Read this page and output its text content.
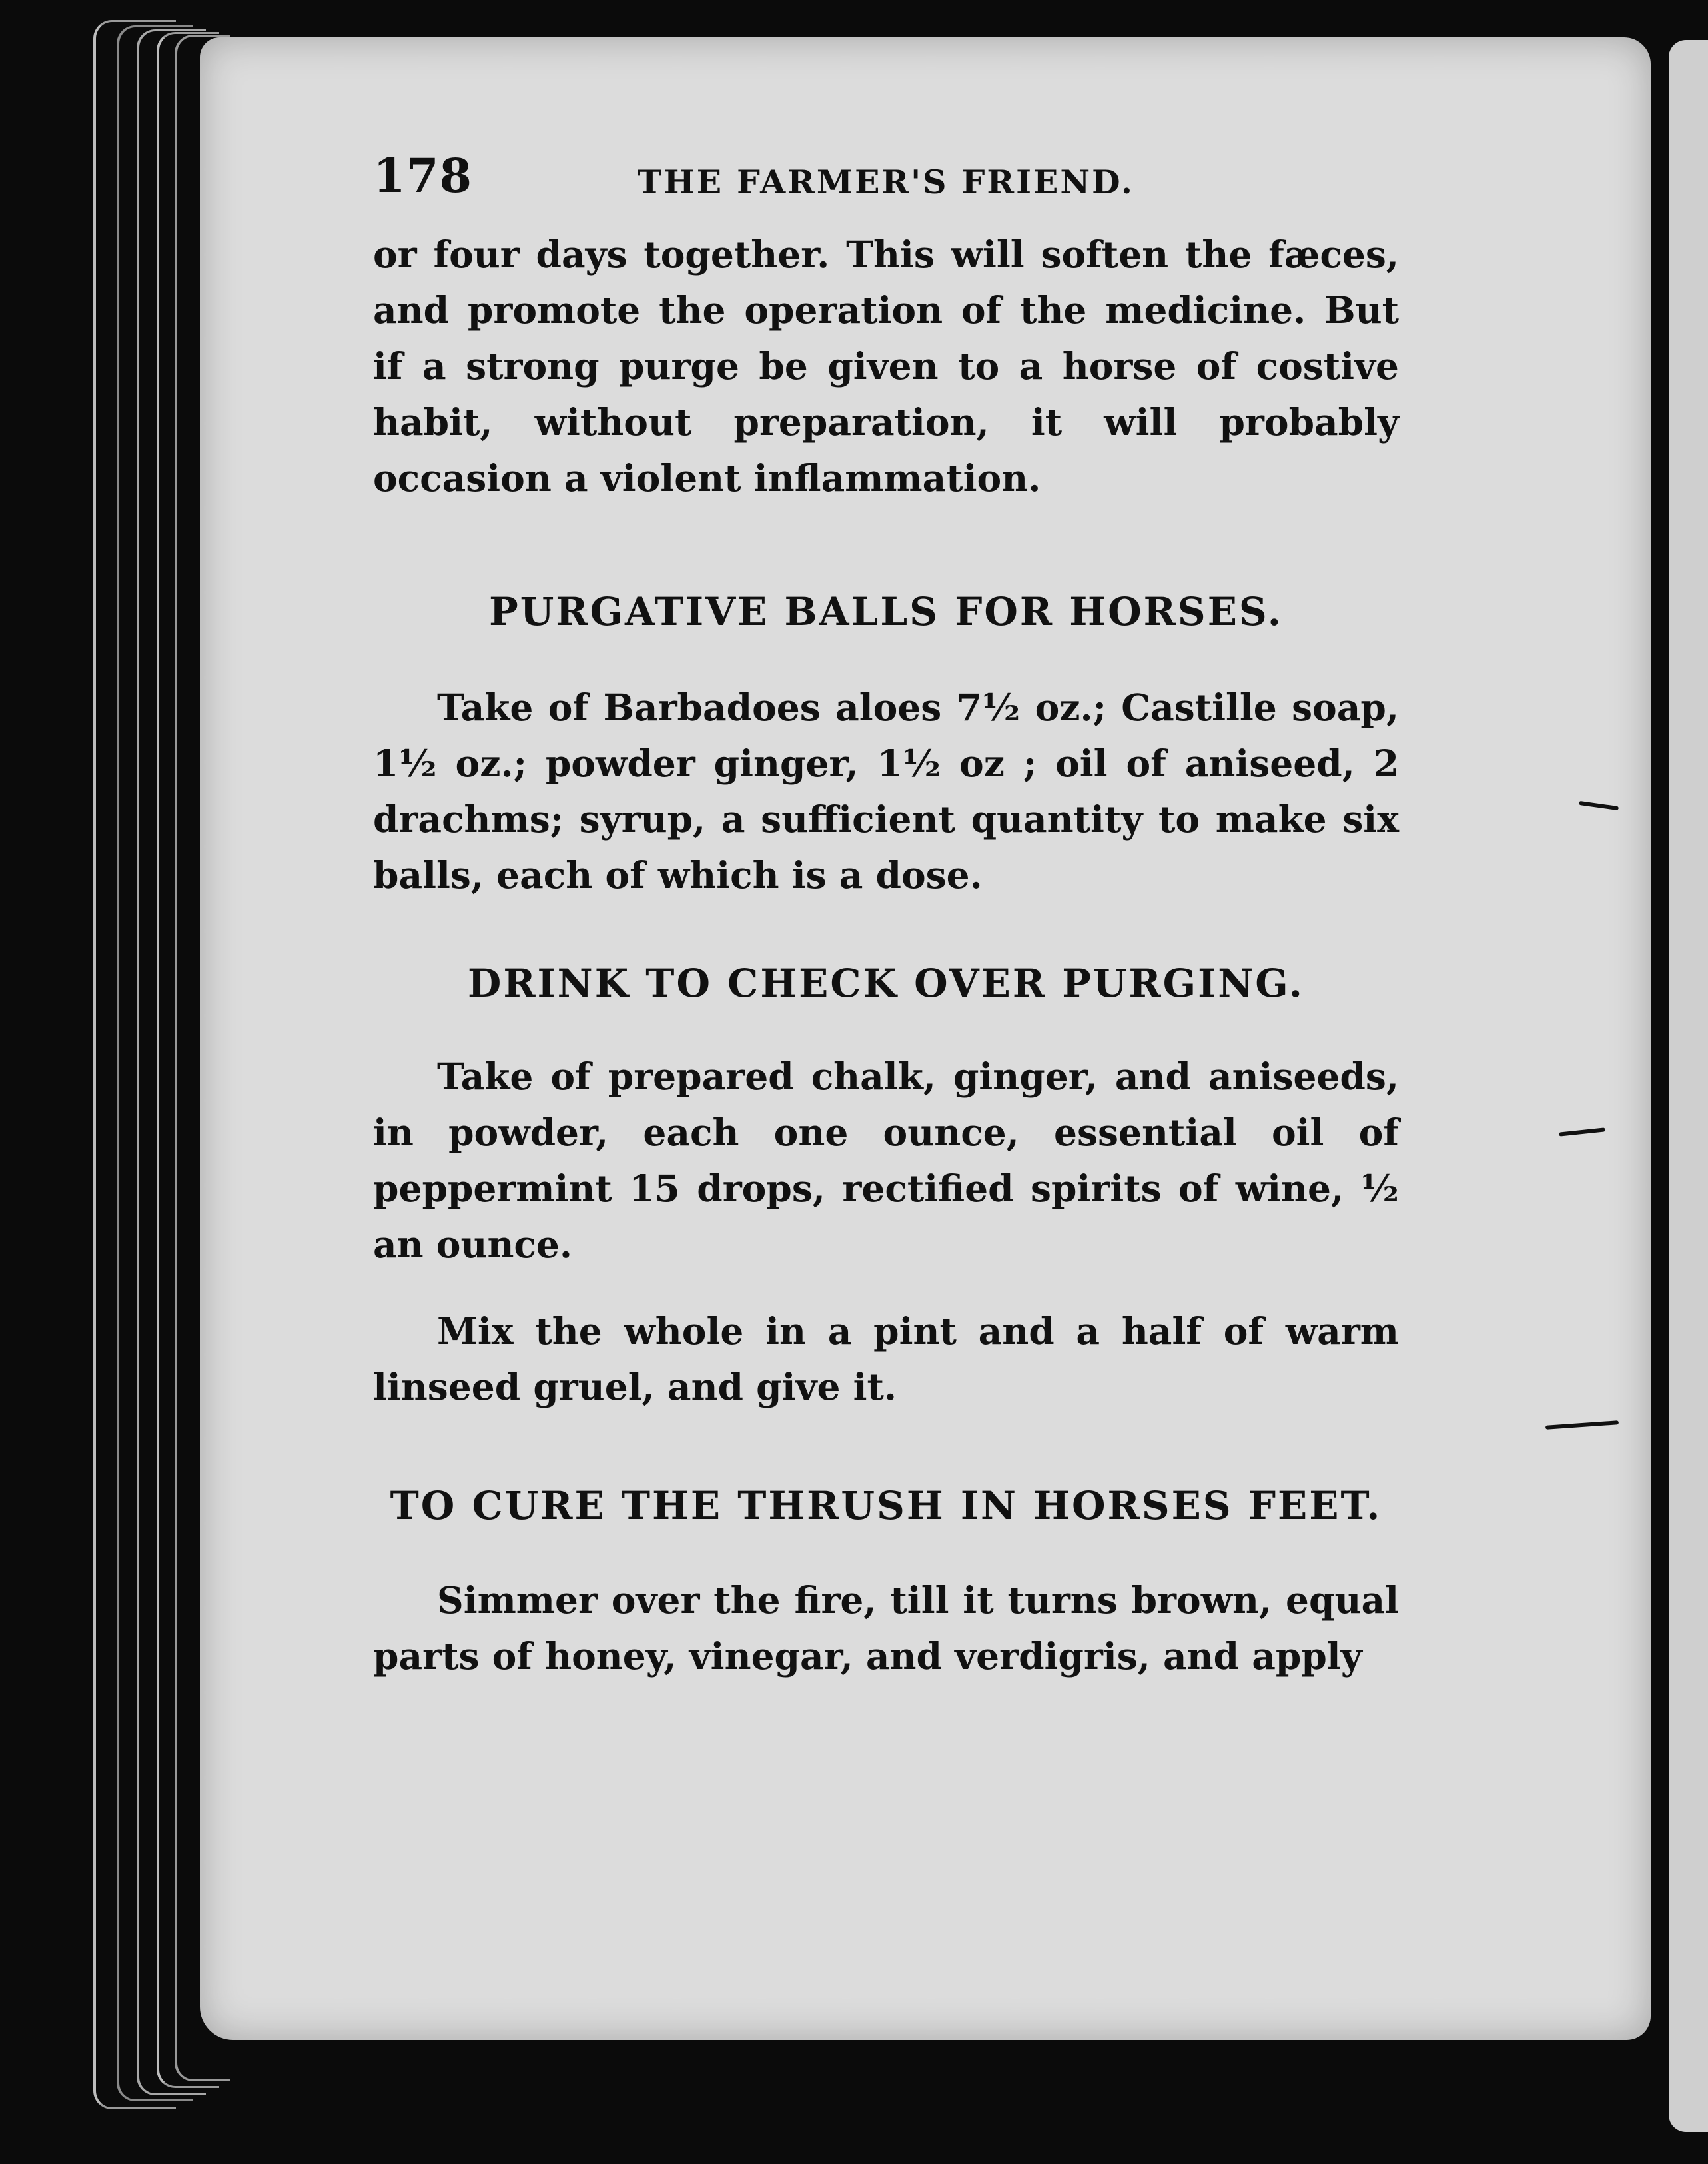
178	THE FARMER'S FRIEND.

or four days together. This will soften the fæces, and promote the operation of the medicine. But if a strong purge be given to a horse of costive habit, without preparation, it will probably occasion a violent inflammation.

PURGATIVE BALLS FOR HORSES.

Take of Barbadoes aloes 7½ oz.; Castille soap, 1½ oz.; powder ginger, 1½ oz ; oil of aniseed, 2 drachms; syrup, a sufficient quantity to make six balls, each of which is a dose.

DRINK TO CHECK OVER PURGING.

Take of prepared chalk, ginger, and aniseeds, in powder, each one ounce, essential oil of peppermint 15 drops, rectified spirits of wine, ½ an ounce.

Mix the whole in a pint and a half of warm linseed gruel, and give it.

TO CURE THE THRUSH IN HORSES FEET.

Simmer over the fire, till it turns brown, equal parts of honey, vinegar, and verdigris, and apply
